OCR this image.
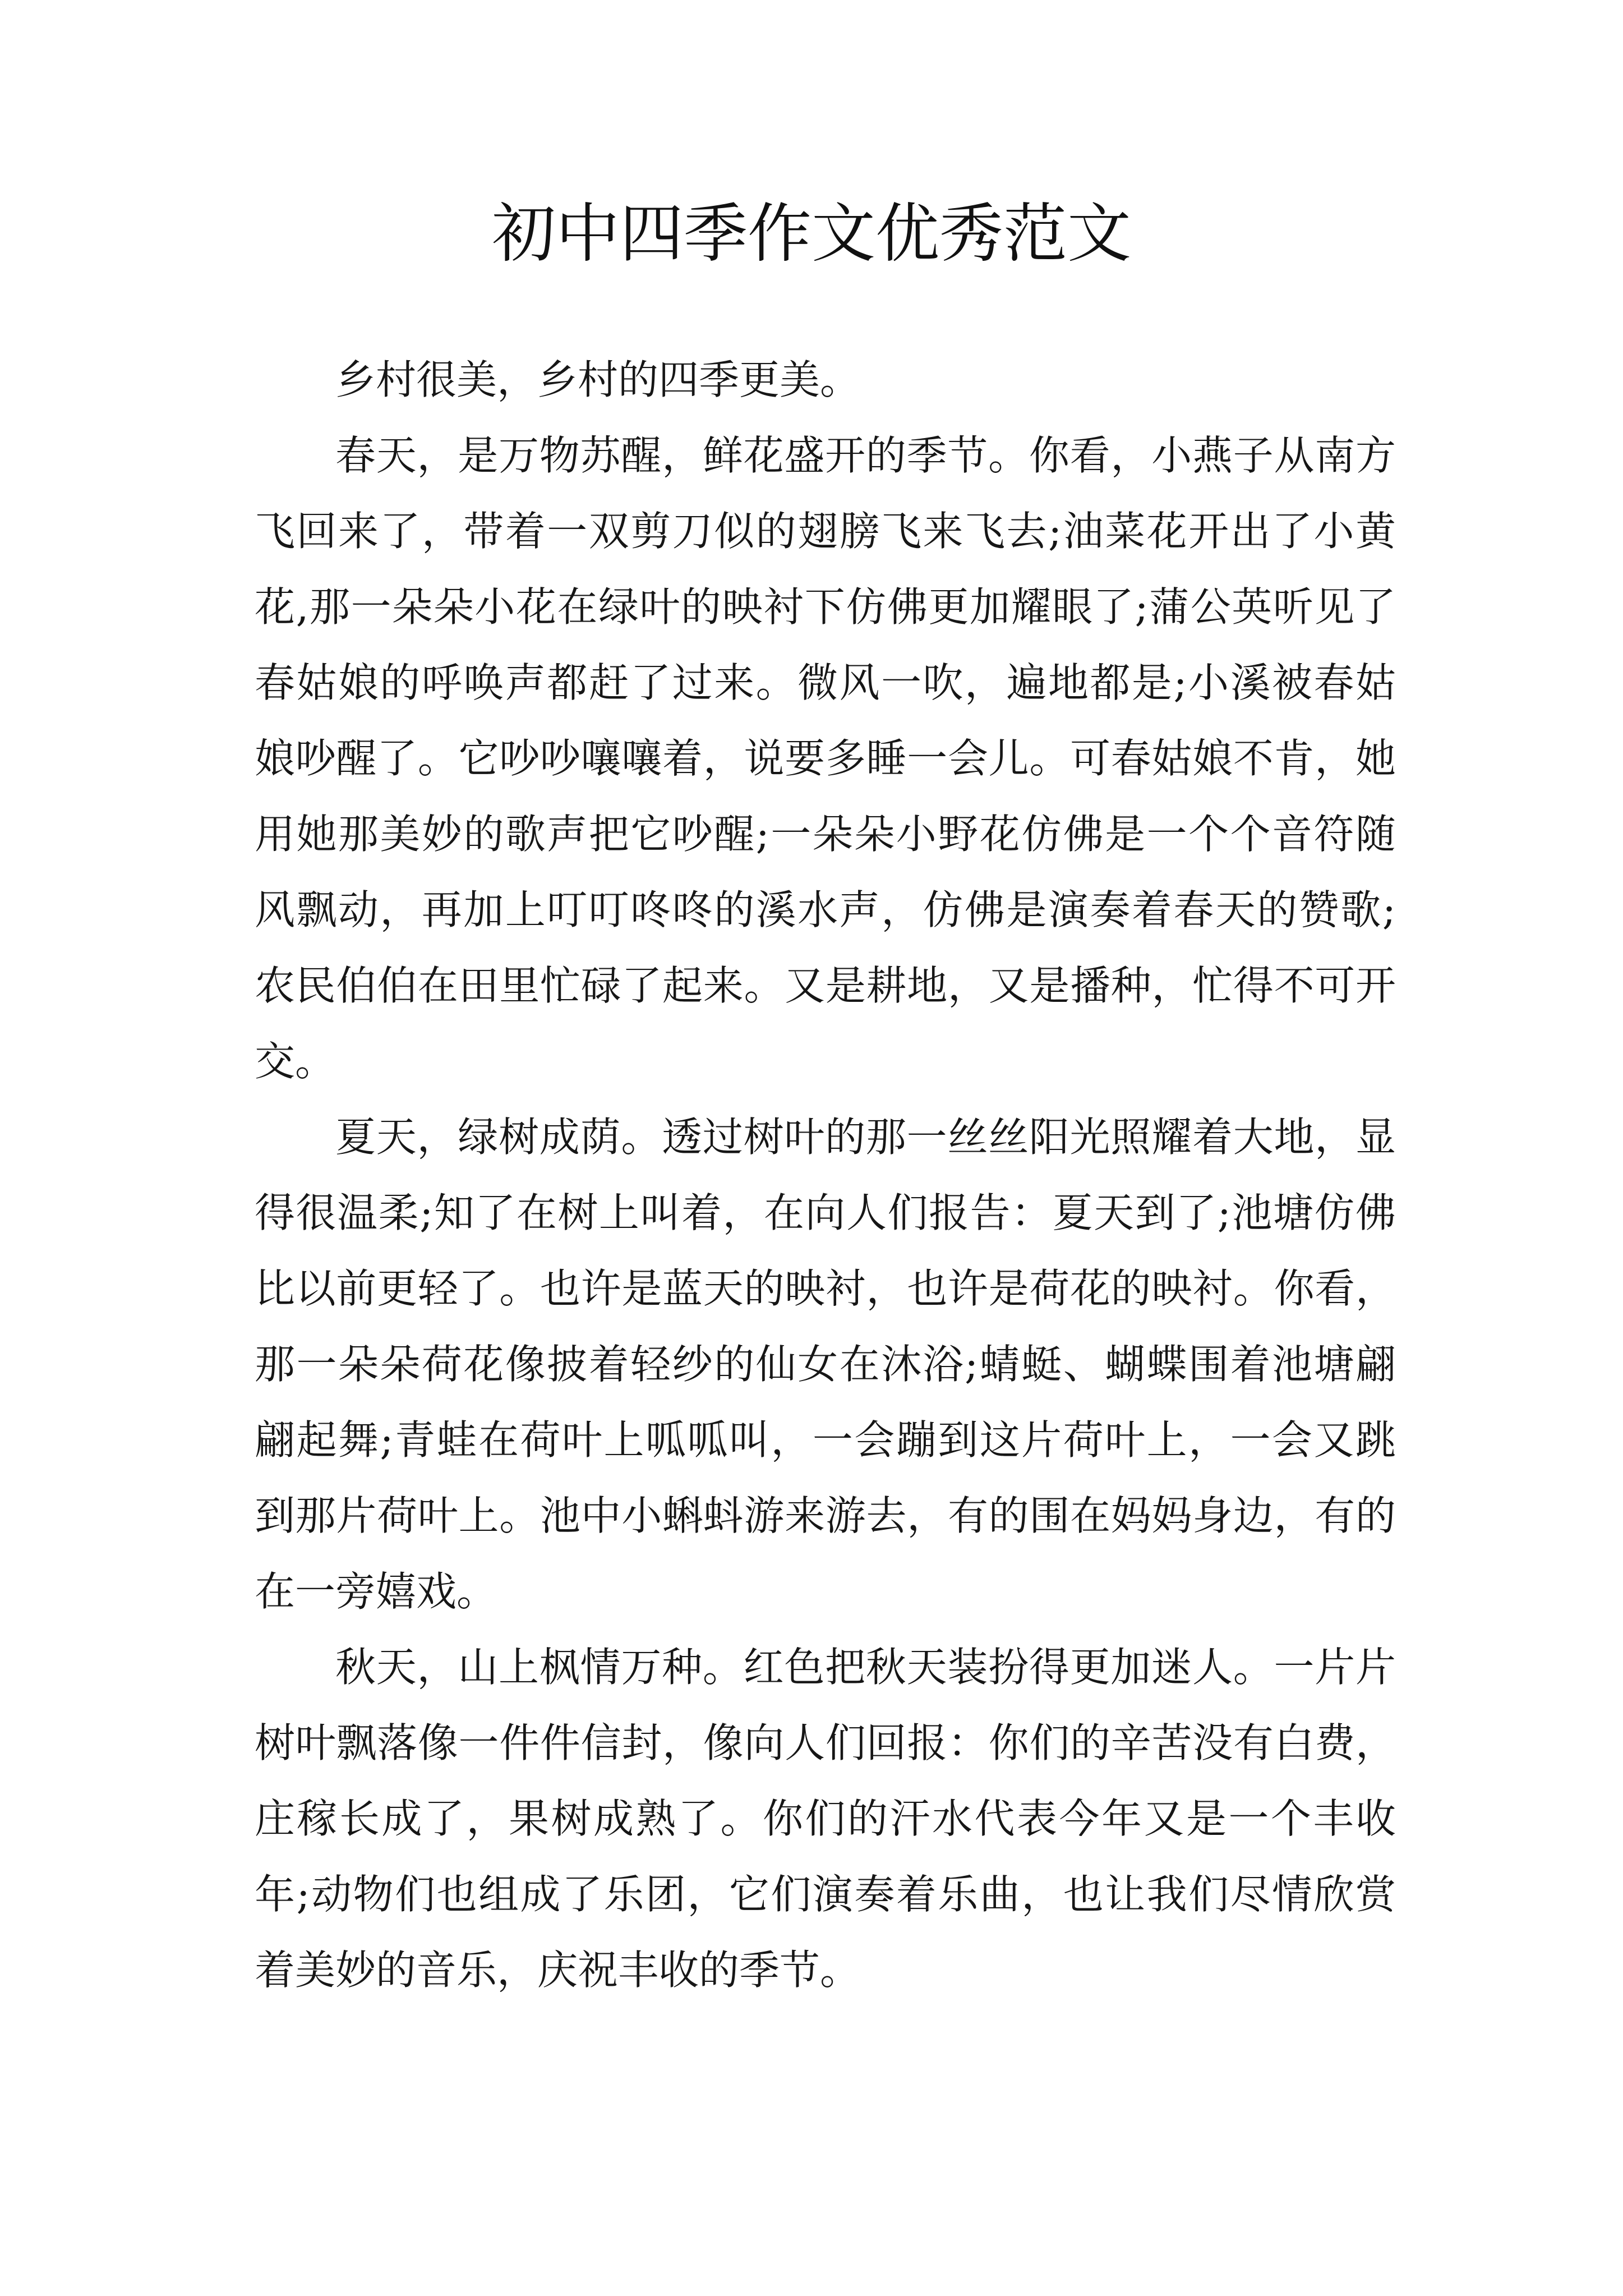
初中四季作文优秀范文

乡村很美，乡村的四季更美。

春天，是万物苏醒，鲜花盛开的季节。你看，小燕子从南方飞回来了，带着一双剪刀似的翅膀飞来飞去;油菜花开出了小黄花,那一朵朵小花在绿叶的映衬下仿佛更加耀眼了;蒲公英听见了春姑娘的呼唤声都赶了过来。微风一吹，遍地都是;小溪被春姑娘吵醒了。它吵吵嚷嚷着，说要多睡一会儿。可春姑娘不肯，她用她那美妙的歌声把它吵醒;一朵朵小野花仿佛是一个个音符随风飘动，再加上叮叮咚咚的溪水声，仿佛是演奏着春天的赞歌;农民伯伯在田里忙碌了起来。又是耕地，又是播种，忙得不可开交。

夏天，绿树成荫。透过树叶的那一丝丝阳光照耀着大地，显得很温柔;知了在树上叫着，在向人们报告：夏天到了;池塘仿佛比以前更轻了。也许是蓝天的映衬，也许是荷花的映衬。你看，那一朵朵荷花像披着轻纱的仙女在沐浴;蜻蜓、蝴蝶围着池塘翩翩起舞;青蛙在荷叶上呱呱叫，一会蹦到这片荷叶上，一会又跳到那片荷叶上。池中小蝌蚪游来游去，有的围在妈妈身边，有的在一旁嬉戏。

秋天，山上枫情万种。红色把秋天装扮得更加迷人。一片片树叶飘落像一件件信封，像向人们回报：你们的辛苦没有白费，庄稼长成了，果树成熟了。你们的汗水代表今年又是一个丰收年;动物们也组成了乐团，它们演奏着乐曲，也让我们尽情欣赏着美妙的音乐，庆祝丰收的季节。
